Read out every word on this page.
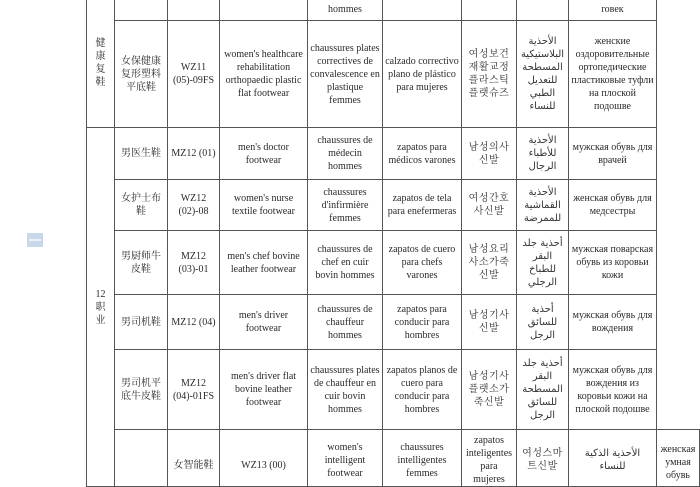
健康复鞋				hommes				rовек	
	女保健康复形塑料平底鞋	WZ11 (05)-09FS	women's healthcare rehabilitation orthopaedic plastic flat footwear	chaussures plates correctives de convalescence en plastique femmes	calzado correctivo plano de plástico para mujeres	여성보건 재활교정 플라스틱 플랫슈즈	الأحذية البلاستيكية المسطحة للتعديل الطبي للنساء	женские оздоровительные ортопедические пластиковые туфли на плоской подошве	

12 职业	男医生鞋	MZ12 (01)	men's doctor footwear	chaussures de médecin hommes	zapatos para médicos varones	남성의사 신발	الأحذية للأطباء الرجال	мужская обувь для врачей	
	女护士布鞋	WZ12 (02)-08	women's nurse textile footwear	chaussures d'infirmière femmes	zapatos de tela para enefermeras	여성간호 사신발	الأحذية القماشية للممرضة	женская обувь для медсестры	
	男厨师牛皮鞋	MZ12 (03)-01	men's chef bovine leather footwear	chaussures de chef en cuir bovin hommes	zapatos de cuero para chefs varones	남성요리 사소가죽 신발	أحذية جلد البقر للطباخ الرجلي	мужская поварская обувь из коровьи кожи	
	男司机鞋	MZ12 (04)	men's driver footwear	chaussures de chauffeur hommes	zapatos para conducir para hombres	남성기사 신발	أحذية للسائق الرجل	мужская обувь для вождения	
	男司机平底牛皮鞋	MZ12 (04)-01FS	men's driver flat bovine leather footwear	chaussures plates de chauffeur en cuir bovin hommes	zapatos planos de cuero para conducir para hombres	남성기사 플랫소가 죽신발	أحذية جلد البقر المسطحة للسائق الرجل	мужская обувь для вождения из коровьи кожи на плоской подошве	
		女智能鞋	WZ13 (00)	women's intelligent footwear	chaussures intelligentes femmes	zapatos inteligentes para mujeres	여성스마 트신발	الأحذية الذكية للنساء	женская умная обувь
